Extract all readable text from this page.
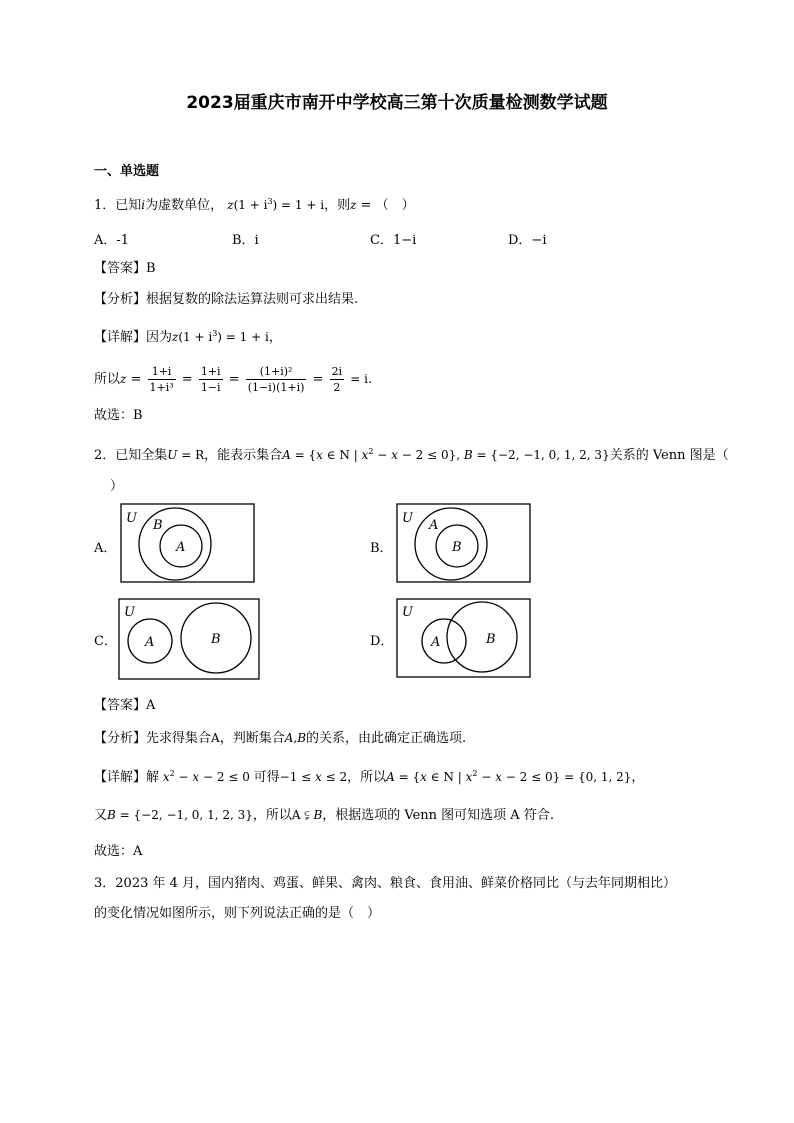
2023届重庆市南开中学校高三第十次质量检测数学试题
一、单选题
1．已知i为虚数单位， $z(1 + i^3) = 1 + i$，则z = （　）
A．-1	B．i	C．1−i	D．−i
【答案】B
【分析】根据复数的除法运算法则可求出结果.
【详解】因为$z(1 + i^3) = 1 + i$，
所以$z = \frac{1+i}{\text{1+i³}} = \frac{1+i}{1-i} = \frac{\text{(1+i)²}}{(1-i)(1+i)} = \frac{2i}{2} = i$.
故选：B
2．已知全集U = R，能表示集合A = {x ∈ N | $x^2 - x - 2 \le 0$}, B = {−2, −1, 0, 1, 2, 3}关系的 Venn 图是（
）
A．	B．
C．	D．
U B
A
U A
B
U
A	B
U
A	B
【答案】A
【分析】先求得集合A，判断集合A,B的关系，由此确定正确选项.
【详解】解 $x^2 - x - 2 \le 0$ 可得−1 ≤ x ≤ 2，所以A = {x ∈ N | $x^2 - x - 2 \le 0\} = \{0$, 1, 2}，
又B = {−2, −1, 0, 1, 2, 3}，所以A ⫋ B，根据选项的 Venn 图可知选项 A 符合.
故选：A
3．2023 年 4 月，国内猪肉、鸡蛋、鲜果、禽肉、粮食、食用油、鲜菜价格同比（与去年同期相比）
的变化情况如图所示，则下列说法正确的是（　）
